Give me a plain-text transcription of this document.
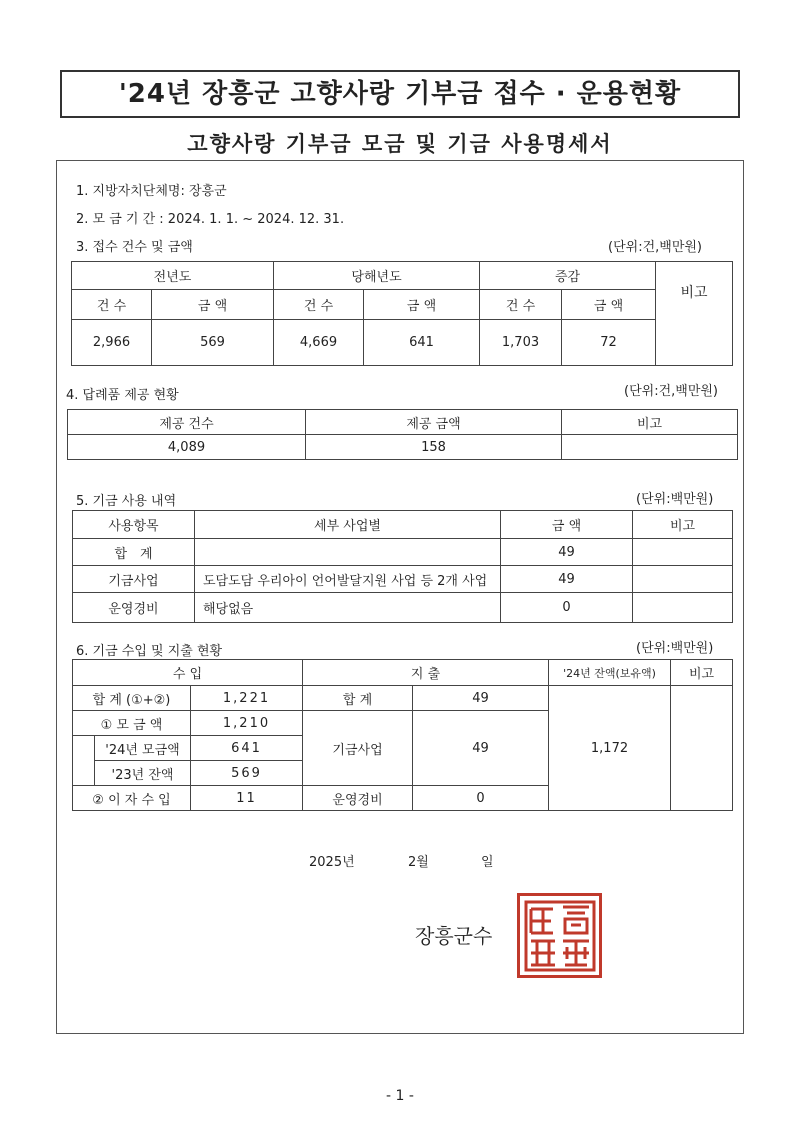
'24년 장흥군 고향사랑 기부금 접수 · 운용현황
고향사랑 기부금 모금 및 기금 사용명세서
1. 지방자치단체명: 장흥군
2. 모 금 기 간 : 2024. 1. 1. ~ 2024. 12. 31.
3. 접수 건수 및 금액	(단위:건,백만원)
전년도		당해년도		증감		비고
건 수	금 액	건 수	금 액	건 수	금 액	
2,966	569	4,669	641	1,703	72	
4. 답례품 제공 현황	(단위:건,백만원)
제공 건수	제공 금액	비고
4,089	158	
5. 기금 사용 내역	(단위:백만원)
사용항목	세부 사업별	금 액	비고
합　계		49	
기금사업	도담도담 우리아이 언어발달지원 사업 등 2개 사업	49	
운영경비	해당없음	0	
6. 기금 수입 및 지출 현황	(단위:백만원)
수 입			지 출		'24년 잔액(보유액)	비고
합 계 (①+②)		1,221	합 계	49	1,172	
① 모 금 액		1,210	기금사업	49		
	'24년 모금액	641				
	'23년 잔액	569				
② 이 자 수 입		11	운영경비	0		
2025년	2월	일
장흥군수
- 1 -
